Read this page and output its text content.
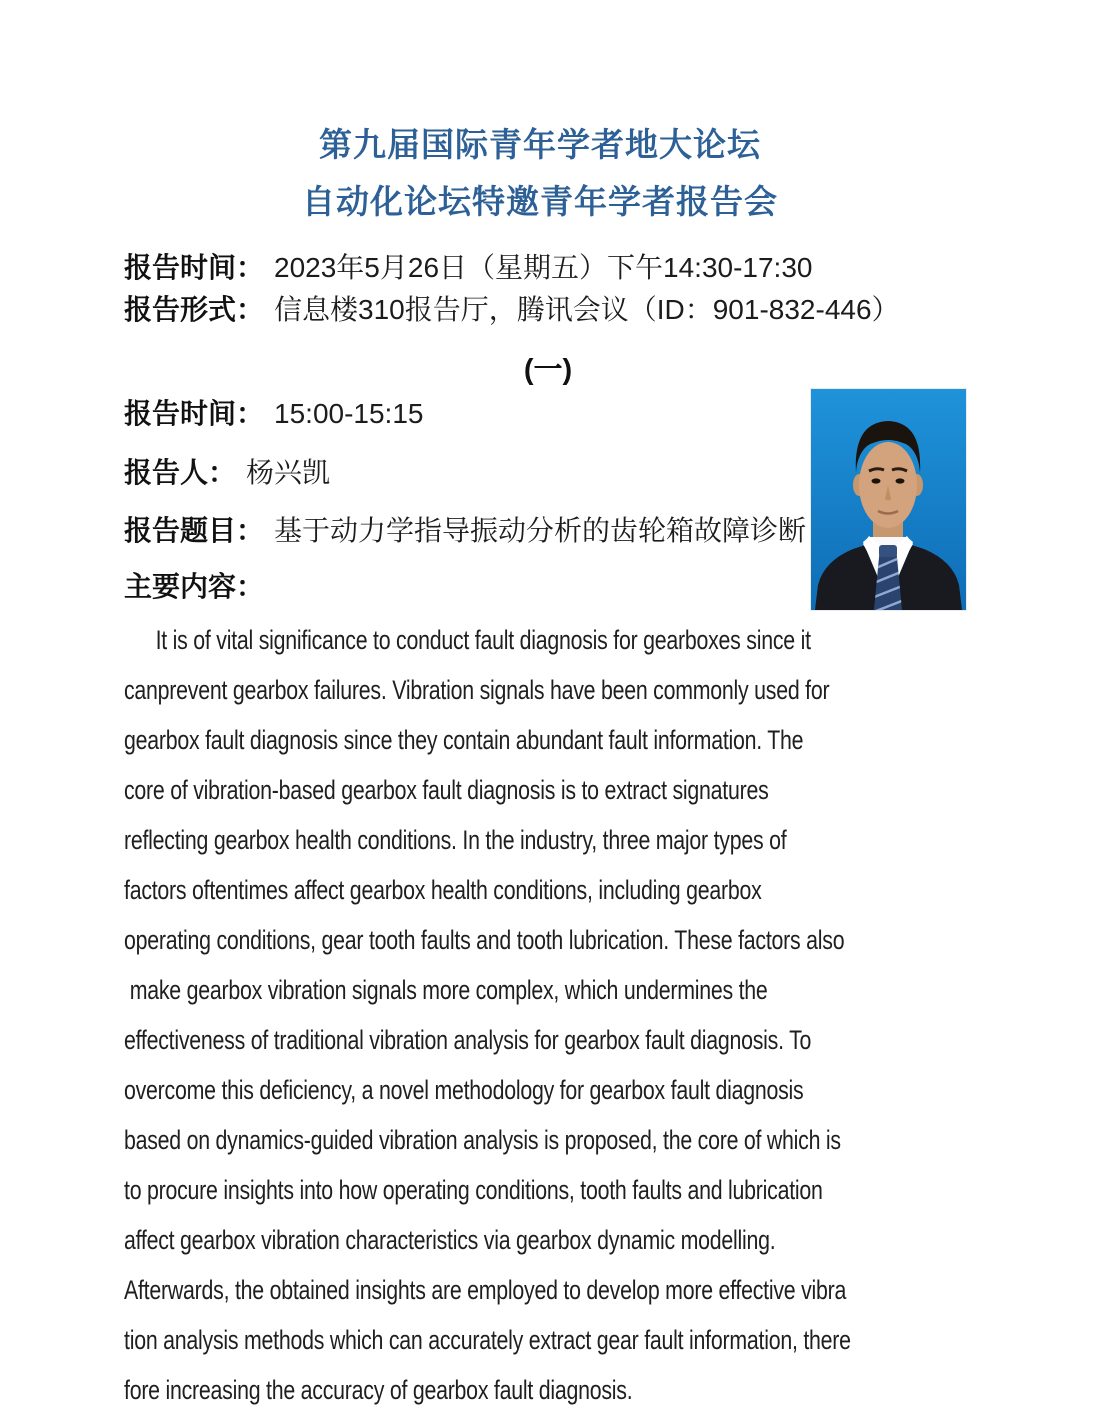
第九届国际青年学者地大论坛
自动化论坛特邀青年学者报告会
报告时间： 2023年5月26日（星期五）下午14:30-17:30
报告形式： 信息楼310报告厅，腾讯会议（ID：901-832-446）
(一)
报告时间： 15:00-15:15
报告人： 杨兴凯
报告题目： 基于动力学指导振动分析的齿轮箱故障诊断
主要内容：
It is of vital significance to conduct fault diagnosis for gearboxes since it
canprevent gearbox failures. Vibration signals have been commonly used for
gearbox fault diagnosis since they contain abundant fault information. The
core of vibration-based gearbox fault diagnosis is to extract signatures
reflecting gearbox health conditions. In the industry, three major types of
factors oftentimes affect gearbox health conditions, including gearbox
operating conditions, gear tooth faults and tooth lubrication. These factors also
make gearbox vibration signals more complex, which undermines the
effectiveness of traditional vibration analysis for gearbox fault diagnosis. To
overcome this deficiency, a novel methodology for gearbox fault diagnosis
based on dynamics-guided vibration analysis is proposed, the core of which is
to procure insights into how operating conditions, tooth faults and lubrication
affect gearbox vibration characteristics via gearbox dynamic modelling.
Afterwards, the obtained insights are employed to develop more effective vibra
tion analysis methods which can accurately extract gear fault information, there
fore increasing the accuracy of gearbox fault diagnosis.
